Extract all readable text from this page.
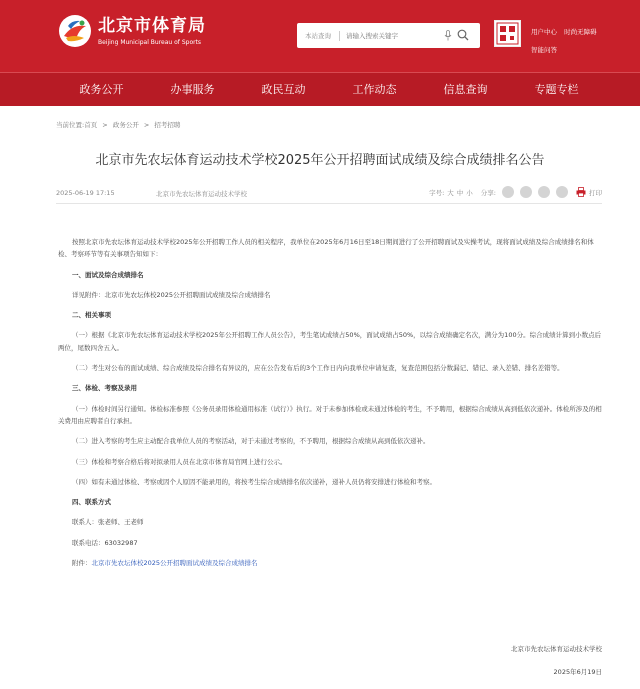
北京市体育局
Beijing Municipal Bureau of Sports
本站查询
请输入搜索关键字	用户中心 时尚无障碍
智能问答
政务公开	办事服务	政民互动	工作动态	信息查询	专题专栏
当前位置:首页 > 政务公开 > 招考招聘
北京市先农坛体育运动技术学校2025年公开招聘面试成绩及综合成绩排名公告
2025-06-19 17:15	北京市先农坛体育运动技术学校	字号: 大 中 小 分享:	打印
按照北京市先农坛体育运动技术学校2025年公开招聘工作人员的相关程序，我单位在2025年6月16日至18日期间进行了公开招聘面试及实操考试，现将面试成绩及综合成绩排名和体检、考察环节等有关事项告知如下：
一、面试及综合成绩排名
详见附件：北京市先农坛体校2025公开招聘面试成绩及综合成绩排名
二、相关事项
（一）根据《北京市先农坛体育运动技术学校2025年公开招聘工作人员公告》，考生笔试成绩占50%，面试成绩占50%，以综合成绩确定名次，满分为100分。综合成绩计算到小数点后两位，尾数四舍五入。
（二）考生对公布的面试成绩、综合成绩及综合排名有异议的，应在公告发布后的3个工作日内向我单位申请复查，复查范围包括分数漏记、错记、录入差错、排名差错等。
三、体检、考察及录用
（一）体检时间另行通知。体检标准参照《公务员录用体检通用标准（试行）》执行。对于未参加体检或未通过体检的考生，不予聘用，根据综合成绩从高到低依次递补。体检所涉及的相关费用由应聘者自行承担。
（二）进入考察的考生应主动配合我单位人员的考察活动，对于未通过考察的，不予聘用，根据综合成绩从高到低依次递补。
（三）体检和考察合格后将对拟录用人员在北京市体育局官网上进行公示。
（四）如有未通过体检、考察或因个人原因不能录用的，将按考生综合成绩排名依次递补，递补人员仍将安排进行体检和考察。
四、联系方式
联系人：张老师、王老师
联系电话：63032987
附件：北京市先农坛体校2025公开招聘面试成绩及综合成绩排名
北京市先农坛体育运动技术学校
2025年6月19日
